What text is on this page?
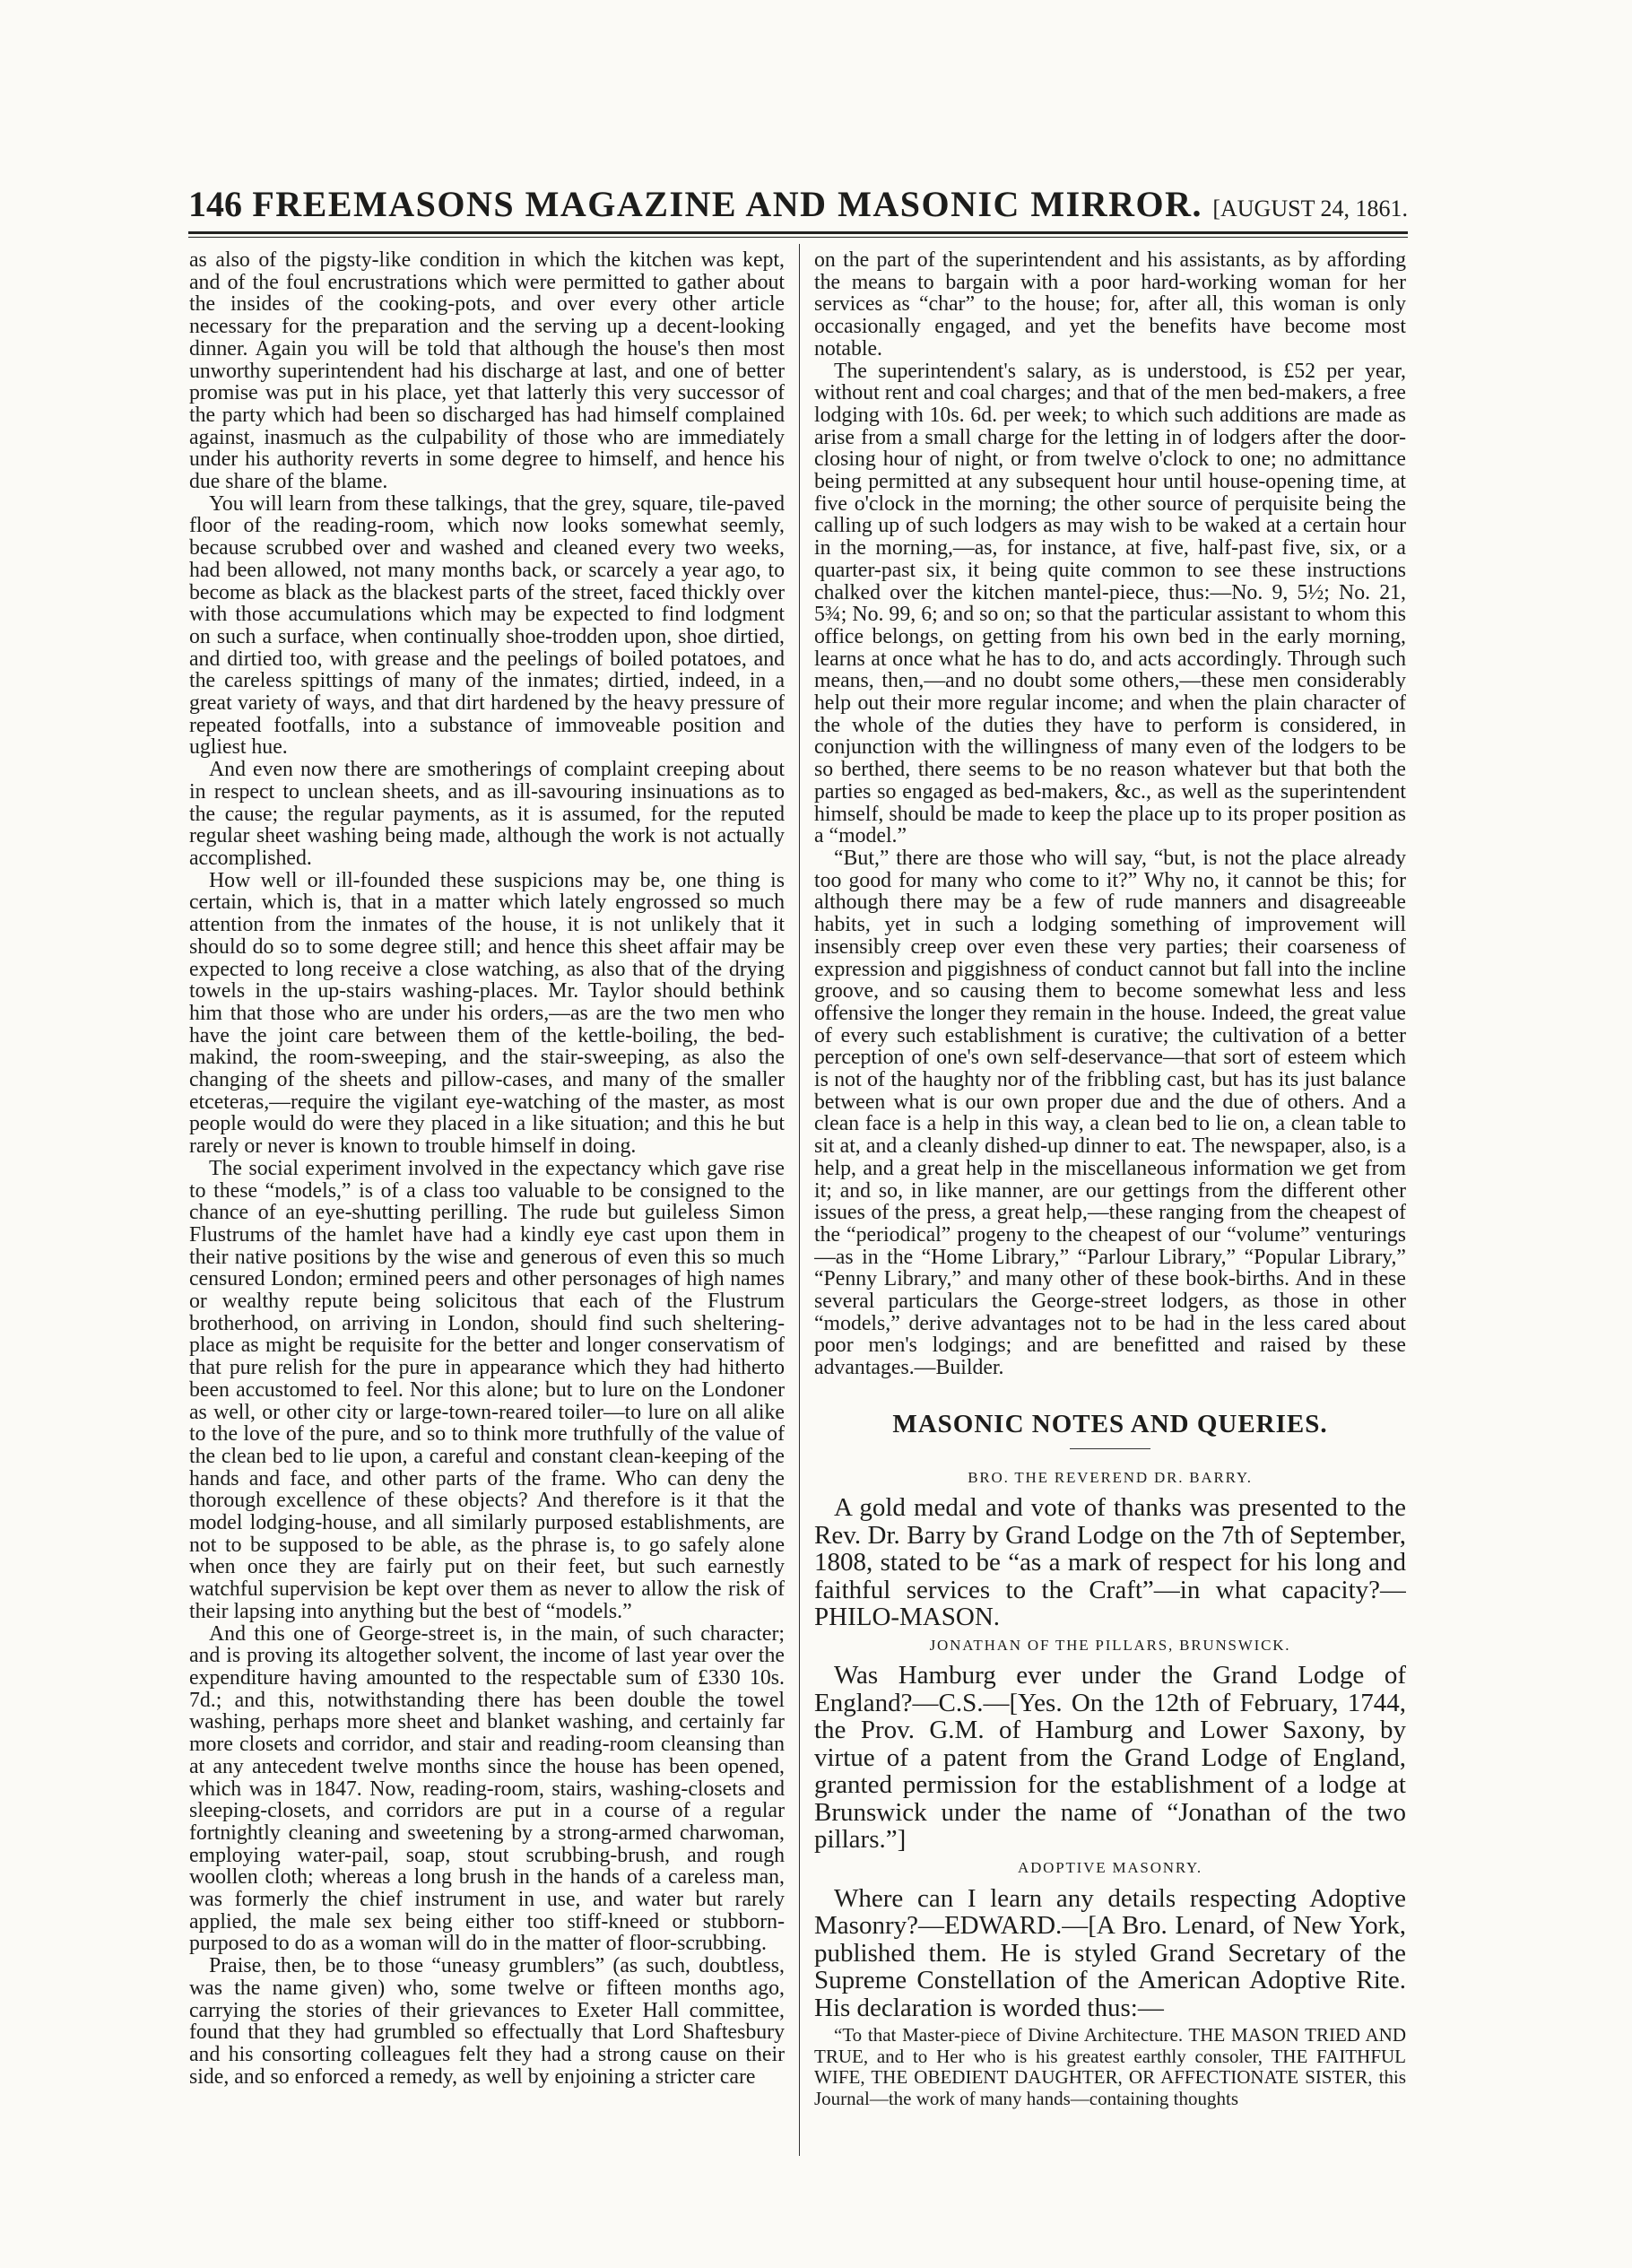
146 FREEMASONS MAGAZINE AND MASONIC MIRROR. [AUGUST 24, 1861.

as also of the pigsty-like condition in which the kitchen was kept, and of the foul encrustrations which were permitted to gather about the insides of the cooking-pots, and over every other article necessary for the preparation and the serving up a decent-looking dinner. Again you will be told that although the house's then most unworthy superintendent had his discharge at last, and one of better promise was put in his place, yet that latterly this very successor of the party which had been so discharged has had himself complained against, inasmuch as the culpability of those who are immediately under his authority reverts in some degree to himself, and hence his due share of the blame.

You will learn from these talkings, that the grey, square, tile-paved floor of the reading-room, which now looks somewhat seemly, because scrubbed over and washed and cleaned every two weeks, had been allowed, not many months back, or scarcely a year ago, to become as black as the blackest parts of the street, faced thickly over with those accumulations which may be expected to find lodgment on such a surface, when continually shoe-trodden upon, shoe dirtied, and dirtied too, with grease and the peelings of boiled potatoes, and the careless spittings of many of the inmates; dirtied, indeed, in a great variety of ways, and that dirt hardened by the heavy pressure of repeated footfalls, into a substance of immoveable position and ugliest hue.

And even now there are smotherings of complaint creeping about in respect to unclean sheets, and as ill-savouring insinuations as to the cause; the regular payments, as it is assumed, for the reputed regular sheet washing being made, although the work is not actually accomplished.

How well or ill-founded these suspicions may be, one thing is certain, which is, that in a matter which lately engrossed so much attention from the inmates of the house, it is not unlikely that it should do so to some degree still; and hence this sheet affair may be expected to long receive a close watching, as also that of the drying towels in the up-stairs washing-places. Mr. Taylor should bethink him that those who are under his orders,—as are the two men who have the joint care between them of the kettle-boiling, the bed-makind, the room-sweeping, and the stair-sweeping, as also the changing of the sheets and pillow-cases, and many of the smaller etceteras,—require the vigilant eye-watching of the master, as most people would do were they placed in a like situation; and this he but rarely or never is known to trouble himself in doing.

The social experiment involved in the expectancy which gave rise to these “models,” is of a class too valuable to be consigned to the chance of an eye-shutting perilling. The rude but guileless Simon Flustrums of the hamlet have had a kindly eye cast upon them in their native positions by the wise and generous of even this so much censured London; ermined peers and other personages of high names or wealthy repute being solicitous that each of the Flustrum brotherhood, on arriving in London, should find such sheltering-place as might be requisite for the better and longer conservatism of that pure relish for the pure in appearance which they had hitherto been accustomed to feel. Nor this alone; but to lure on the Londoner as well, or other city or large-town-reared toiler—to lure on all alike to the love of the pure, and so to think more truthfully of the value of the clean bed to lie upon, a careful and constant clean-keeping of the hands and face, and other parts of the frame. Who can deny the thorough excellence of these objects? And therefore is it that the model lodging-house, and all similarly purposed establishments, are not to be supposed to be able, as the phrase is, to go safely alone when once they are fairly put on their feet, but such earnestly watchful supervision be kept over them as never to allow the risk of their lapsing into anything but the best of “models.”

And this one of George-street is, in the main, of such character; and is proving its altogether solvent, the income of last year over the expenditure having amounted to the respectable sum of £330 10s. 7d.; and this, notwithstanding there has been double the towel washing, perhaps more sheet and blanket washing, and certainly far more closets and corridor, and stair and reading-room cleansing than at any antecedent twelve months since the house has been opened, which was in 1847. Now, reading-room, stairs, washing-closets and sleeping-closets, and corridors are put in a course of a regular fortnightly cleaning and sweetening by a strong-armed charwoman, employing water-pail, soap, stout scrubbing-brush, and rough woollen cloth; whereas a long brush in the hands of a careless man, was formerly the chief instrument in use, and water but rarely applied, the male sex being either too stiff-kneed or stubborn-purposed to do as a woman will do in the matter of floor-scrubbing.

Praise, then, be to those “uneasy grumblers” (as such, doubtless, was the name given) who, some twelve or fifteen months ago, carrying the stories of their grievances to Exeter Hall committee, found that they had grumbled so effectually that Lord Shaftesbury and his consorting colleagues felt they had a strong cause on their side, and so enforced a remedy, as well by enjoining a stricter care

on the part of the superintendent and his assistants, as by affording the means to bargain with a poor hard-working woman for her services as “char” to the house; for, after all, this woman is only occasionally engaged, and yet the benefits have become most notable.

The superintendent's salary, as is understood, is £52 per year, without rent and coal charges; and that of the men bed-makers, a free lodging with 10s. 6d. per week; to which such additions are made as arise from a small charge for the letting in of lodgers after the door-closing hour of night, or from twelve o'clock to one; no admittance being permitted at any subsequent hour until house-opening time, at five o'clock in the morning; the other source of perquisite being the calling up of such lodgers as may wish to be waked at a certain hour in the morning,—as, for instance, at five, half-past five, six, or a quarter-past six, it being quite common to see these instructions chalked over the kitchen mantel-piece, thus:—No. 9, 5½; No. 21, 5¾; No. 99, 6; and so on; so that the particular assistant to whom this office belongs, on getting from his own bed in the early morning, learns at once what he has to do, and acts accordingly. Through such means, then,—and no doubt some others,—these men considerably help out their more regular income; and when the plain character of the whole of the duties they have to perform is considered, in conjunction with the willingness of many even of the lodgers to be so berthed, there seems to be no reason whatever but that both the parties so engaged as bed-makers, &c., as well as the superintendent himself, should be made to keep the place up to its proper position as a “model.”

“But,” there are those who will say, “but, is not the place already too good for many who come to it?” Why no, it cannot be this; for although there may be a few of rude manners and disagreeable habits, yet in such a lodging something of improvement will insensibly creep over even these very parties; their coarseness of expression and piggishness of conduct cannot but fall into the incline groove, and so causing them to become somewhat less and less offensive the longer they remain in the house. Indeed, the great value of every such establishment is curative; the cultivation of a better perception of one's own self-deservance—that sort of esteem which is not of the haughty nor of the fribbling cast, but has its just balance between what is our own proper due and the due of others. And a clean face is a help in this way, a clean bed to lie on, a clean table to sit at, and a cleanly dished-up dinner to eat. The newspaper, also, is a help, and a great help in the miscellaneous information we get from it; and so, in like manner, are our gettings from the different other issues of the press, a great help,—these ranging from the cheapest of the “periodical” progeny to the cheapest of our “volume” venturings—as in the “Home Library,” “Parlour Library,” “Popular Library,” “Penny Library,” and many other of these book-births. And in these several particulars the George-street lodgers, as those in other “models,” derive advantages not to be had in the less cared about poor men's lodgings; and are benefitted and raised by these advantages.—Builder.

MASONIC NOTES AND QUERIES.
BRO. THE REVEREND DR. BARRY.

A gold medal and vote of thanks was presented to the Rev. Dr. Barry by Grand Lodge on the 7th of September, 1808, stated to be “as a mark of respect for his long and faithful services to the Craft”—in what capacity?—PHILO-MASON.

JONATHAN OF THE PILLARS, BRUNSWICK.

Was Hamburg ever under the Grand Lodge of England?—C.S.—[Yes. On the 12th of February, 1744, the Prov. G.M. of Hamburg and Lower Saxony, by virtue of a patent from the Grand Lodge of England, granted permission for the establishment of a lodge at Brunswick under the name of “Jonathan of the two pillars.”]

ADOPTIVE MASONRY.

Where can I learn any details respecting Adoptive Masonry?—EDWARD.—[A Bro. Lenard, of New York, published them. He is styled Grand Secretary of the Supreme Constellation of the American Adoptive Rite. His declaration is worded thus:—

“To that Master-piece of Divine Architecture. THE MASON TRIED AND TRUE, and to Her who is his greatest earthly consoler, THE FAITHFUL WIFE, THE OBEDIENT DAUGHTER, OR AFFECTIONATE SISTER, this Journal—the work of many hands—containing thoughts
